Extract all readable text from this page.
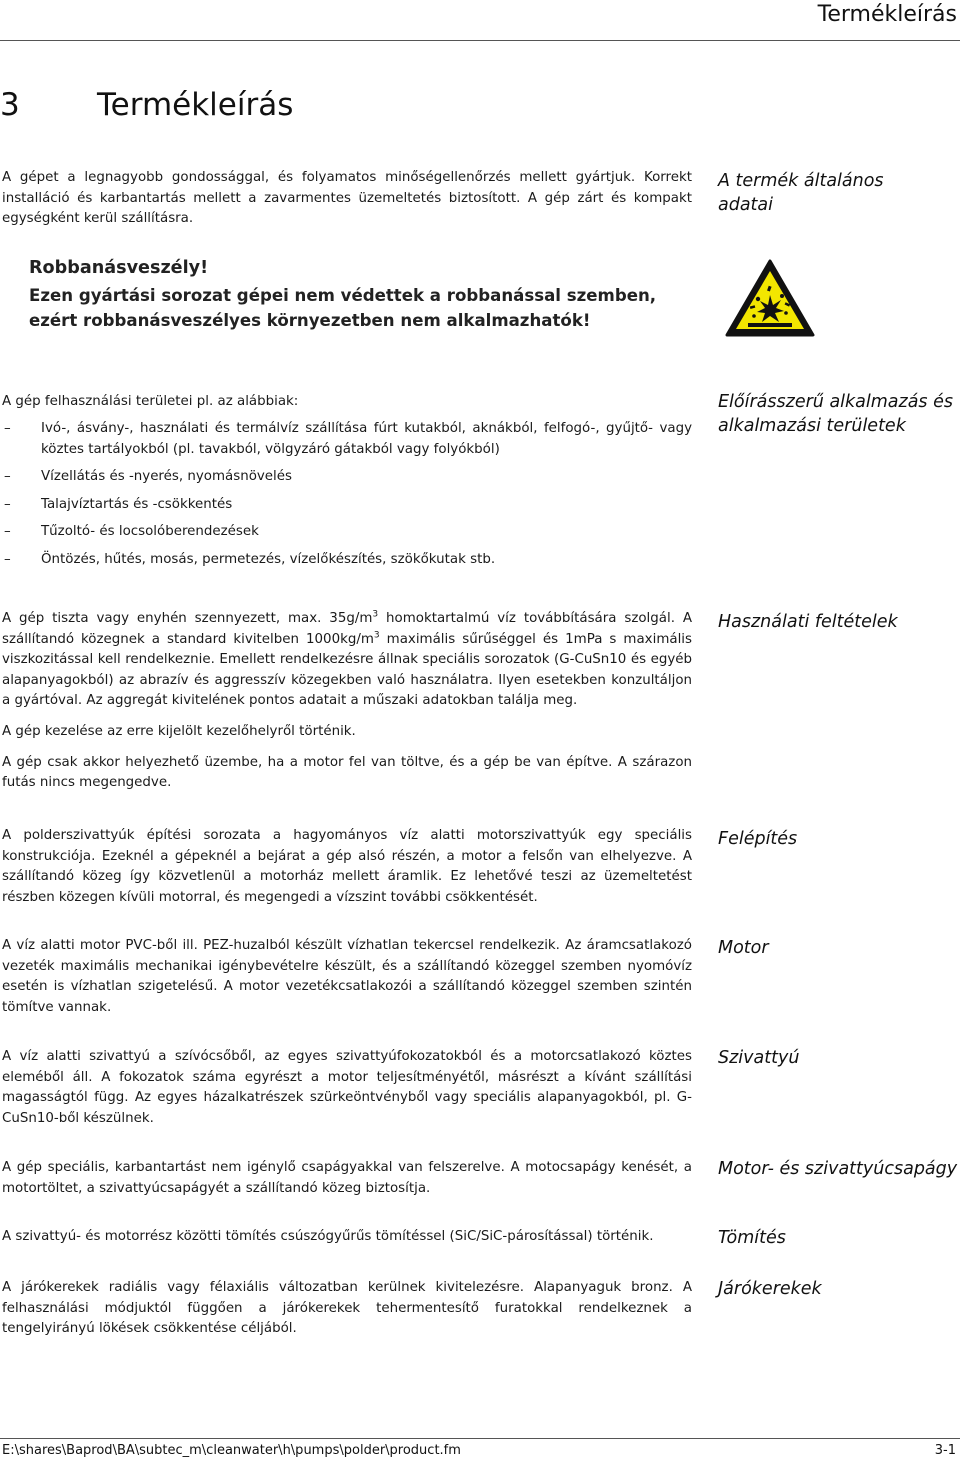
Termékleírás
3 Termékleírás
A gépet a legnagyobb gondossággal, és folyamatos minőségellenőrzés mellett gyártjuk. Korrekt installáció és karbantartás mellett a zavarmentes üzemeltetés biztosított. A gép zárt és kompakt egységként kerül szállításra.
A termék általános adatai
Robbanásveszély!
Ezen gyártási sorozat gépei nem védettek a robbanással szemben,
ezért robbanásveszélyes környezetben nem alkalmazhatók!
A gép felhasználási területei pl. az alábbiak:	Előírásszerű alkalmazás és alkalmazási területek
– Ivó-, ásvány-, használati és termálvíz szállítása fúrt kutakból, aknákból, felfogó-, gyűjtő- vagy köztes tartályokból (pl. tavakból, völgyzáró gátakból vagy folyókból)
– Vízellátás és -nyerés, nyomásnövelés
– Talajvíztartás és -csökkentés
– Tűzoltó- és locsolóberendezések
– Öntözés, hűtés, mosás, permetezés, vízelőkészítés, szökőkutak stb.
Használati feltételek

A gép tiszta vagy enyhén szennyezett, max. $35g/m^3$ homoktartalmú víz továbbítására szolgál. A szállítandó közegnek a standard kivitelben $1000kg/m^3$ maximális sűrűséggel és 1mPa s maximális viszkozitással kell rendelkeznie. Emellett rendelkezésre állnak speciális sorozatok (G-CuSn10 és egyéb alapanyagokból) az abrazív és aggresszív közegekben való használatra. Ilyen esetekben konzultáljon a gyártóval. Az aggregát kivitelének pontos adatait a műszaki adatokban találja meg.

A gép kezelése az erre kijelölt kezelőhelyről történik.

A gép csak akkor helyezhető üzembe, ha a motor fel van töltve, és a gép be van építve. A szárazon futás nincs megengedve.

Felépítés
A polderszivattyúk építési sorozata a hagyományos víz alatti motorszivattyúk egy speciális konstrukciója. Ezeknél a gépeknél a bejárat a gép alsó részén, a motor a felsőn van elhelyezve. A szállítandó közeg így közvetlenül a motorház mellett áramlik. Ez lehetővé teszi az üzemeltetést részben közegen kívüli motorral, és megengedi a vízszint további csökkentését.
Motor
A víz alatti motor PVC-ből ill. PEZ-huzalból készült vízhatlan tekercsel rendelkezik. Az áramcsatlakozó vezeték maximális mechanikai igénybevételre készült, és a szállítandó közeggel szemben nyomóvíz esetén is vízhatlan szigetelésű. A motor vezetékcsatlakozói a szállítandó közeggel szemben szintén tömítve vannak.
Szivattyú
A víz alatti szivattyú a szívócsőből, az egyes szivattyúfokozatokból és a motorcsatlakozó köztes eleméből áll. A fokozatok száma egyrészt a motor teljesítményétől, másrészt a kívánt szállítási magasságtól függ. Az egyes házalkatrészek szürkeöntvényből vagy speciális alapanyagokból, pl. G-CuSn10-ből készülnek.
Motor- és szivattyúcsapágy
A gép speciális, karbantartást nem igénylő csapágyakkal van felszerelve. A motocsapágy kenését, a motortöltet, a szivattyúcsapágyét a szállítandó közeg biztosítja.
Tömítés
A szivattyú- és motorrész közötti tömítés csúszógyűrűs tömítéssel (SiC/SiC-párosítással) történik.
Járókerekek
A járókerekek radiális vagy félaxiális változatban kerülnek kivitelezésre. Alapanyaguk bronz. A felhasználási módjuktól függően a járókerekek tehermentesítő furatokkal rendelkeznek a tengelyirányú lökések csökkentése céljából.
E:\shares\Baprod\BA\subtec_m\cleanwater\h\pumps\polder\product.fm	3-1
